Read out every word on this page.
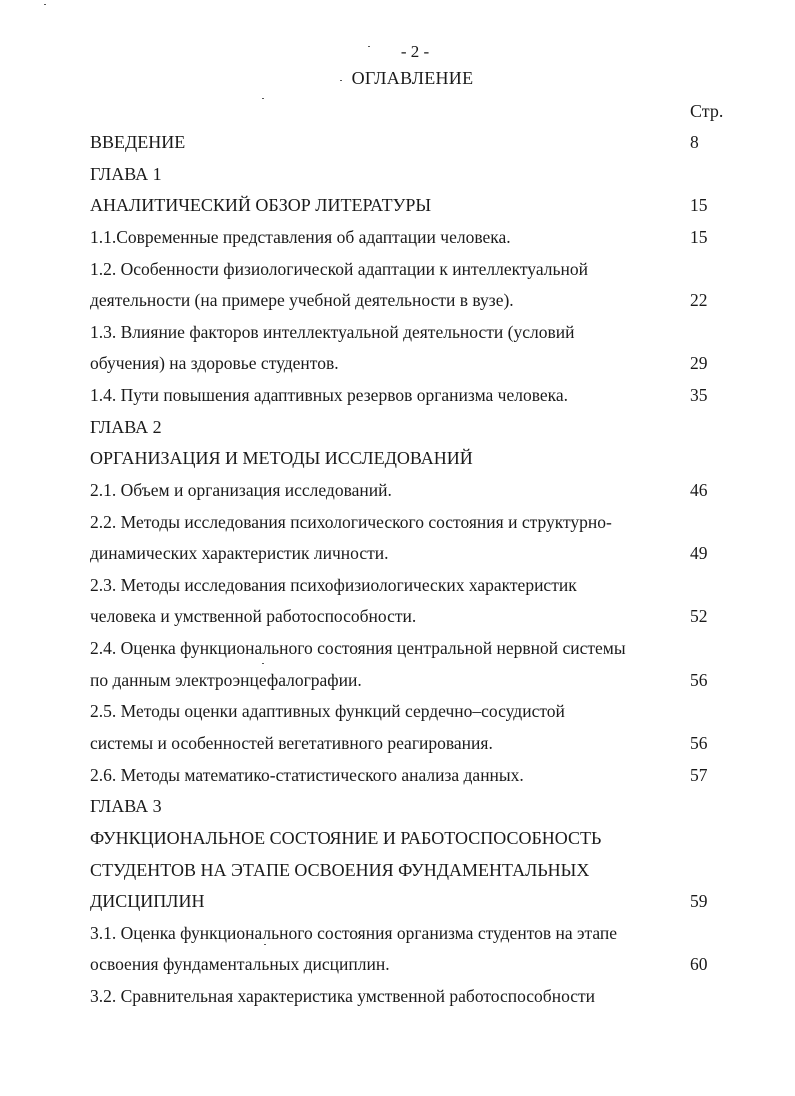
- 2 -
ОГЛАВЛЕНИЕ
Стр.
ВВЕДЕНИЕ	8
ГЛАВА 1
АНАЛИТИЧЕСКИЙ ОБЗОР ЛИТЕРАТУРЫ	15
1.1.Современные представления об адаптации человека.	15
1.2. Особенности физиологической адаптации к интеллектуальной
деятельности (на примере учебной деятельности в вузе).	22
1.3. Влияние факторов интеллектуальной деятельности (условий
обучения) на здоровье студентов.	29
1.4. Пути повышения адаптивных резервов организма человека.	35
ГЛАВА 2
ОРГАНИЗАЦИЯ И МЕТОДЫ ИССЛЕДОВАНИЙ
2.1. Объем и организация исследований.	46
2.2. Методы исследования психологического состояния и структурно-
динамических характеристик личности.	49
2.3. Методы исследования психофизиологических характеристик
человека и умственной работоспособности.	52
2.4. Оценка функционального состояния центральной нервной системы
по данным электроэнцефалографии.	56
2.5. Методы оценки адаптивных функций сердечно–сосудистой
системы и особенностей вегетативного реагирования.	56
2.6. Методы математико-статистического анализа данных.	57
ГЛАВА 3
ФУНКЦИОНАЛЬНОЕ СОСТОЯНИЕ И РАБОТОСПОСОБНОСТЬ
СТУДЕНТОВ НА ЭТАПЕ ОСВОЕНИЯ ФУНДАМЕНТАЛЬНЫХ
ДИСЦИПЛИН	59
3.1. Оценка функционального состояния организма студентов на этапе
освоения фундаментальных дисциплин.	60
3.2. Сравнительная характеристика умственной работоспособности
